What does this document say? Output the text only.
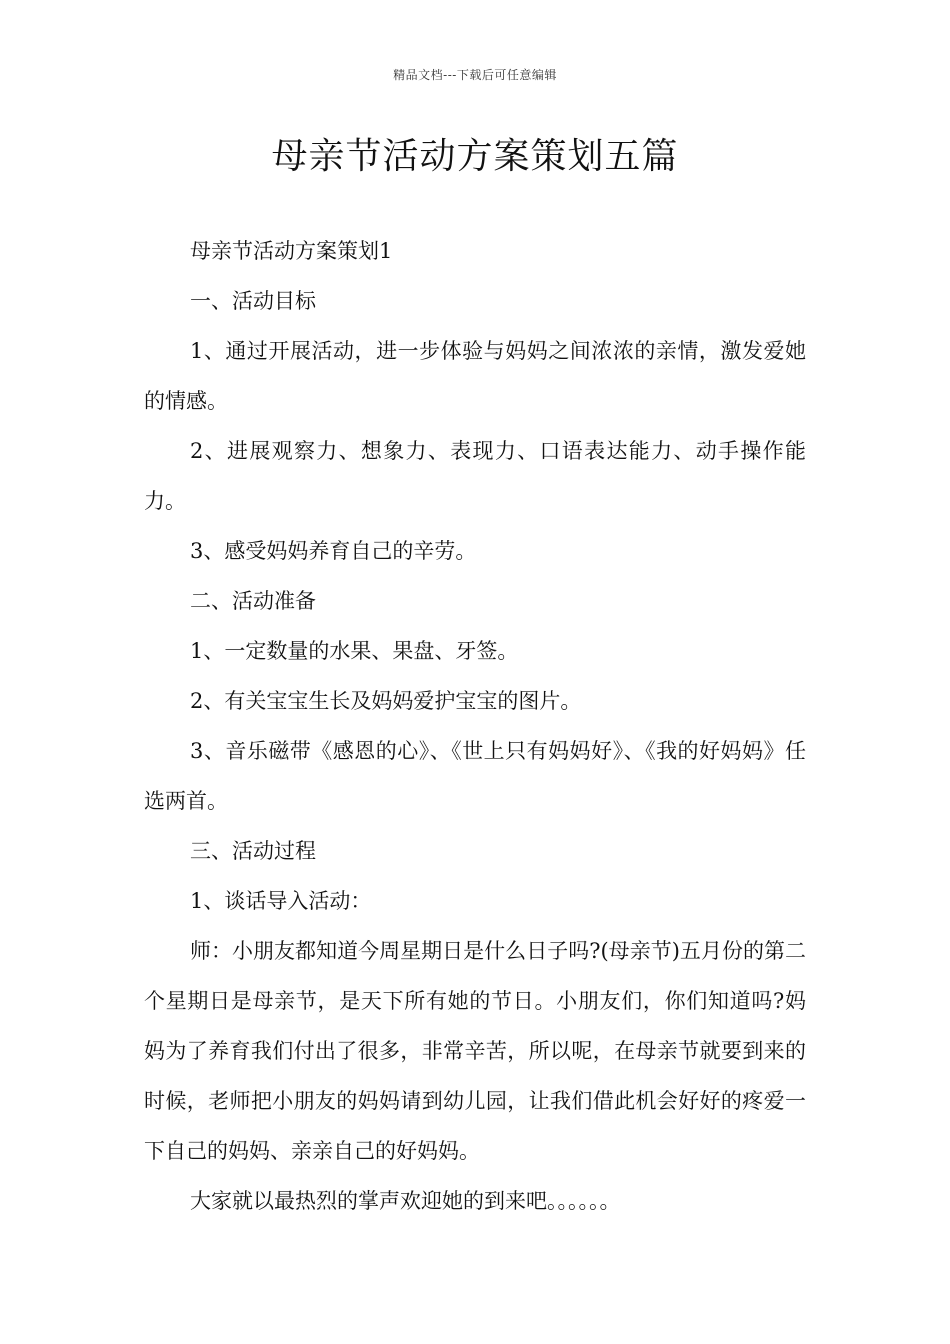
精品文档---下载后可任意编辑
母亲节活动方案策划五篇

母亲节活动方案策划1

一、活动目标

1、通过开展活动，进一步体验与妈妈之间浓浓的亲情，激发爱她的情感。

2、进展观察力、想象力、表现力、口语表达能力、动手操作能力。

3、感受妈妈养育自己的辛劳。

二、活动准备

1、一定数量的水果、果盘、牙签。

2、有关宝宝生长及妈妈爱护宝宝的图片。

3、音乐磁带《感恩的心》、《世上只有妈妈好》、《我的好妈妈》任选两首。

三、活动过程

1、谈话导入活动：

师：小朋友都知道今周星期日是什么日子吗?(母亲节)五月份的第二个星期日是母亲节，是天下所有她的节日。小朋友们，你们知道吗?妈妈为了养育我们付出了很多，非常辛苦，所以呢，在母亲节就要到来的时候，老师把小朋友的妈妈请到幼儿园，让我们借此机会好好的疼爱一下自己的妈妈、亲亲自己的好妈妈。

大家就以最热烈的掌声欢迎她的到来吧。。。。。。
